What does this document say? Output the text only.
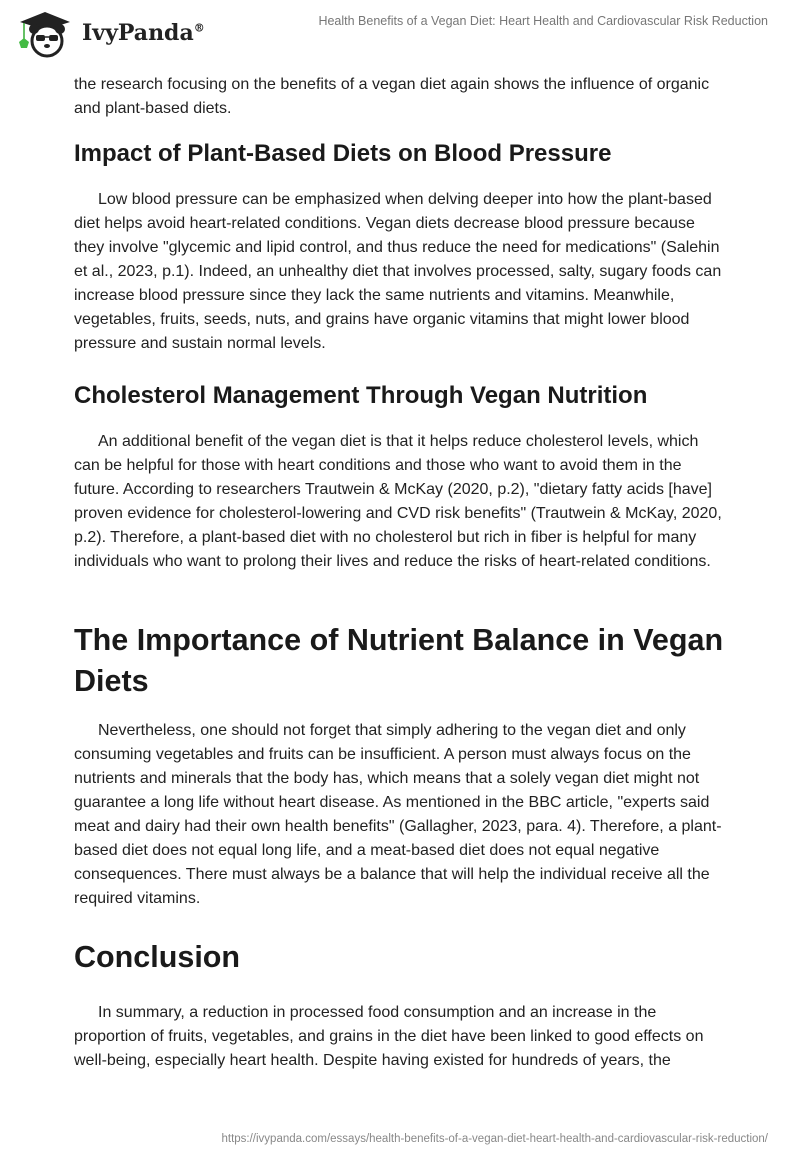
IvyPanda®
Health Benefits of a Vegan Diet: Heart Health and Cardiovascular Risk Reduction

the research focusing on the benefits of a vegan diet again shows the influence of organic and plant-based diets.

Impact of Plant-Based Diets on Blood Pressure

Low blood pressure can be emphasized when delving deeper into how the plant-based diet helps avoid heart-related conditions. Vegan diets decrease blood pressure because they involve "glycemic and lipid control, and thus reduce the need for medications" (Salehin et al., 2023, p.1). Indeed, an unhealthy diet that involves processed, salty, sugary foods can increase blood pressure since they lack the same nutrients and vitamins. Meanwhile, vegetables, fruits, seeds, nuts, and grains have organic vitamins that might lower blood pressure and sustain normal levels.

Cholesterol Management Through Vegan Nutrition

An additional benefit of the vegan diet is that it helps reduce cholesterol levels, which can be helpful for those with heart conditions and those who want to avoid them in the future. According to researchers Trautwein & McKay (2020, p.2), "dietary fatty acids [have] proven evidence for cholesterol-lowering and CVD risk benefits" (Trautwein & McKay, 2020, p.2). Therefore, a plant-based diet with no cholesterol but rich in fiber is helpful for many individuals who want to prolong their lives and reduce the risks of heart-related conditions.

The Importance of Nutrient Balance in Vegan Diets

Nevertheless, one should not forget that simply adhering to the vegan diet and only consuming vegetables and fruits can be insufficient. A person must always focus on the nutrients and minerals that the body has, which means that a solely vegan diet might not guarantee a long life without heart disease. As mentioned in the BBC article, "experts said meat and dairy had their own health benefits" (Gallagher, 2023, para. 4). Therefore, a plant-based diet does not equal long life, and a meat-based diet does not equal negative consequences. There must always be a balance that will help the individual receive all the required vitamins.

Conclusion

In summary, a reduction in processed food consumption and an increase in the proportion of fruits, vegetables, and grains in the diet have been linked to good effects on well-being, especially heart health. Despite having existed for hundreds of years, the

https://ivypanda.com/essays/health-benefits-of-a-vegan-diet-heart-health-and-cardiovascular-risk-reduction/
